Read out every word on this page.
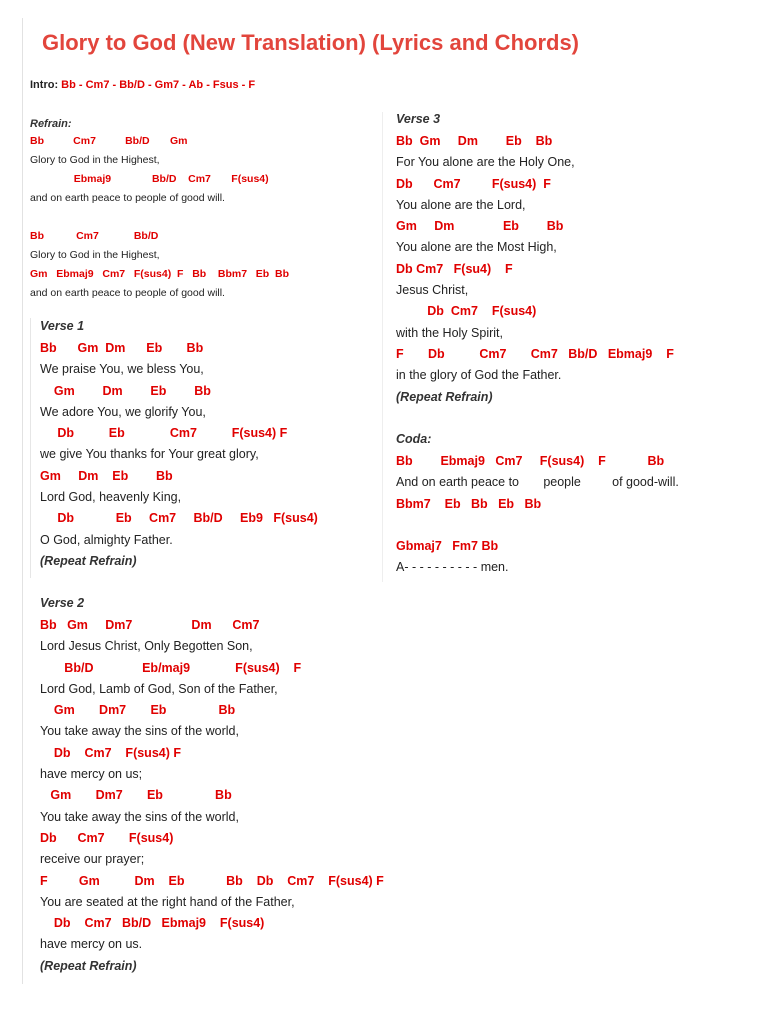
Glory to God (New Translation) (Lyrics and Chords)
Intro: Bb - Cm7 - Bb/D - Gm7 - Ab - Fsus - F
Refrain:
Bb          Cm7          Bb/D       Gm
Glory to God in the Highest,
Ebmaj9              Bb/D    Cm7       F(sus4)
and on earth peace to people of good will.

Bb           Cm7            Bb/D
Glory to God in the Highest,
Gm   Ebmaj9   Cm7   F(sus4)  F   Bb    Bbm7   Eb  Bb
and on earth peace to people of good will.
Verse 1
Bb      Gm  Dm      Eb       Bb
We praise You, we bless You,
Gm        Dm        Eb        Bb
We adore You, we glorify You,
Db          Eb             Cm7          F(sus4) F
we give You thanks for Your great glory,
Gm     Dm    Eb        Bb
Lord God, heavenly King,
Db            Eb     Cm7     Bb/D     Eb9   F(sus4)
O God, almighty Father.
(Repeat Refrain)
Verse 2
Bb   Gm     Dm7                 Dm      Cm7
Lord Jesus Christ, Only Begotten Son,
Bb/D              Eb/maj9             F(sus4)    F
Lord God, Lamb of God, Son of the Father,
Gm       Dm7       Eb               Bb
You take away the sins of the world,
Db    Cm7    F(sus4) F
have mercy on us;
Gm       Dm7       Eb               Bb
You take away the sins of the world,
Db      Cm7       F(sus4)
receive our prayer;
F         Gm          Dm    Eb            Bb    Db    Cm7    F(sus4) F
You are seated at the right hand of the Father,
Db    Cm7   Bb/D   Ebmaj9    F(sus4)
have mercy on us.
(Repeat Refrain)
Verse 3
Bb  Gm     Dm        Eb    Bb
For You alone are the Holy One,
Db      Cm7         F(sus4)  F
You alone are the Lord,
Gm     Dm              Eb        Bb
You alone are the Most High,
Db Cm7   F(su4)    F
Jesus Christ,
Db  Cm7    F(sus4)
with the Holy Spirit,
F       Db          Cm7       Cm7   Bb/D   Ebmaj9    F
in the glory of God the Father.
(Repeat Refrain)
Coda:
Bb        Ebmaj9   Cm7     F(sus4)    F            Bb
And on earth peace to       people         of good-will.
Bbm7    Eb   Bb   Eb   Bb

Gbmaj7   Fm7 Bb
A- - - - - - - - - - men.
